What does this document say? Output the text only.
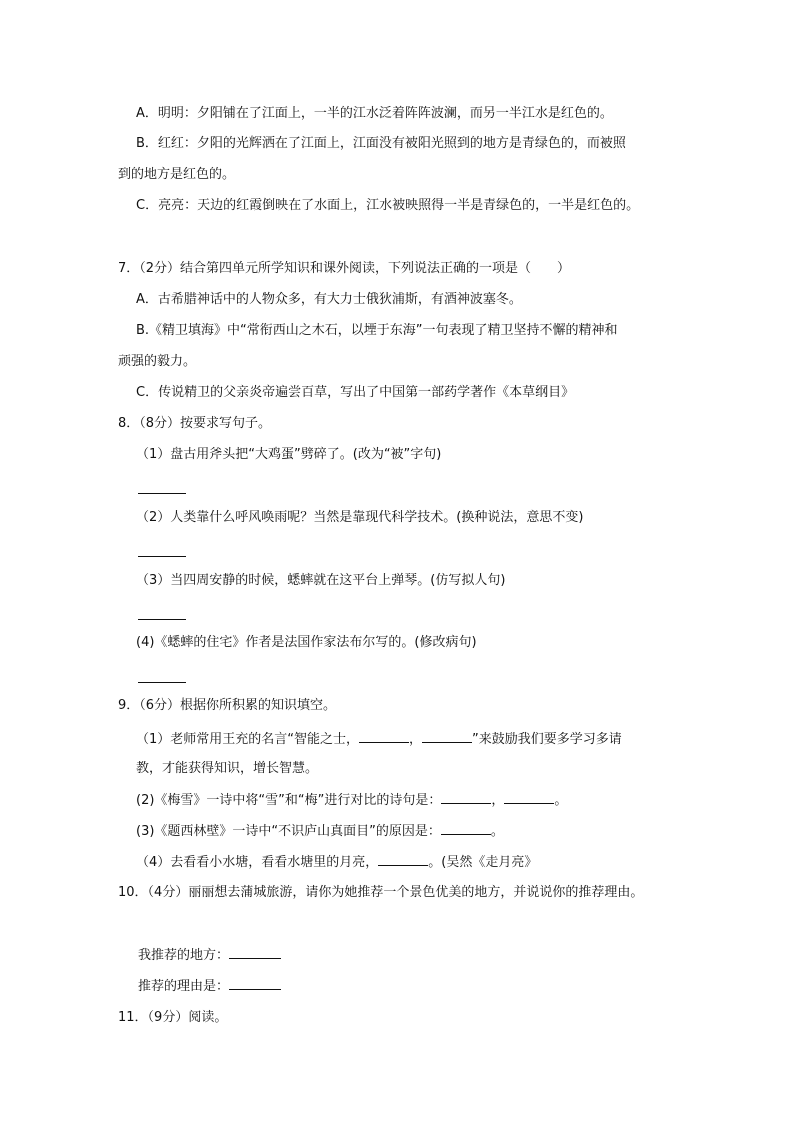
A．明明：夕阳铺在了江面上，一半的江水泛着阵阵波澜，而另一半江水是红色的。
B．红红：夕阳的光辉洒在了江面上，江面没有被阳光照到的地方是青绿色的，而被照
到的地方是红色的。
C．亮亮：天边的红霞倒映在了水面上，江水被映照得一半是青绿色的，一半是红色的。
7．（2分）结合第四单元所学知识和课外阅读，下列说法正确的一项是（　　）
A．古希腊神话中的人物众多，有大力士俄狄浦斯，有酒神波塞冬。
B.《精卫填海》中“常衔西山之木石，以堙于东海”一句表现了精卫坚持不懈的精神和
顽强的毅力。
C．传说精卫的父亲炎帝遍尝百草，写出了中国第一部药学著作《本草纲目》
8．（8分）按要求写句子。
（1）盘古用斧头把“大鸡蛋”劈碎了。(改为“被”字句)
（2）人类靠什么呼风唤雨呢？当然是靠现代科学技术。(换种说法，意思不变)
（3）当四周安静的时候，蟋蟀就在这平台上弹琴。(仿写拟人句)
(4)《蟋蟀的住宅》作者是法国作家法布尔写的。(修改病句)
9．（6分）根据你所积累的知识填空。
（1）老师常用王充的名言“智能之士，	，	”来鼓励我们要多学习多请
教，才能获得知识，增长智慧。
(2)《梅雪》一诗中将“雪”和“梅”进行对比的诗句是：	，	。
(3)《题西林壁》一诗中“不识庐山真面目”的原因是：	。
（4）去看看小水塘，看看水塘里的月亮，	。(吴然《走月亮》
10．（4分）丽丽想去蒲城旅游，请你为她推荐一个景色优美的地方，并说说你的推荐理由。
我推荐的地方：
推荐的理由是：
11．（9分）阅读。
